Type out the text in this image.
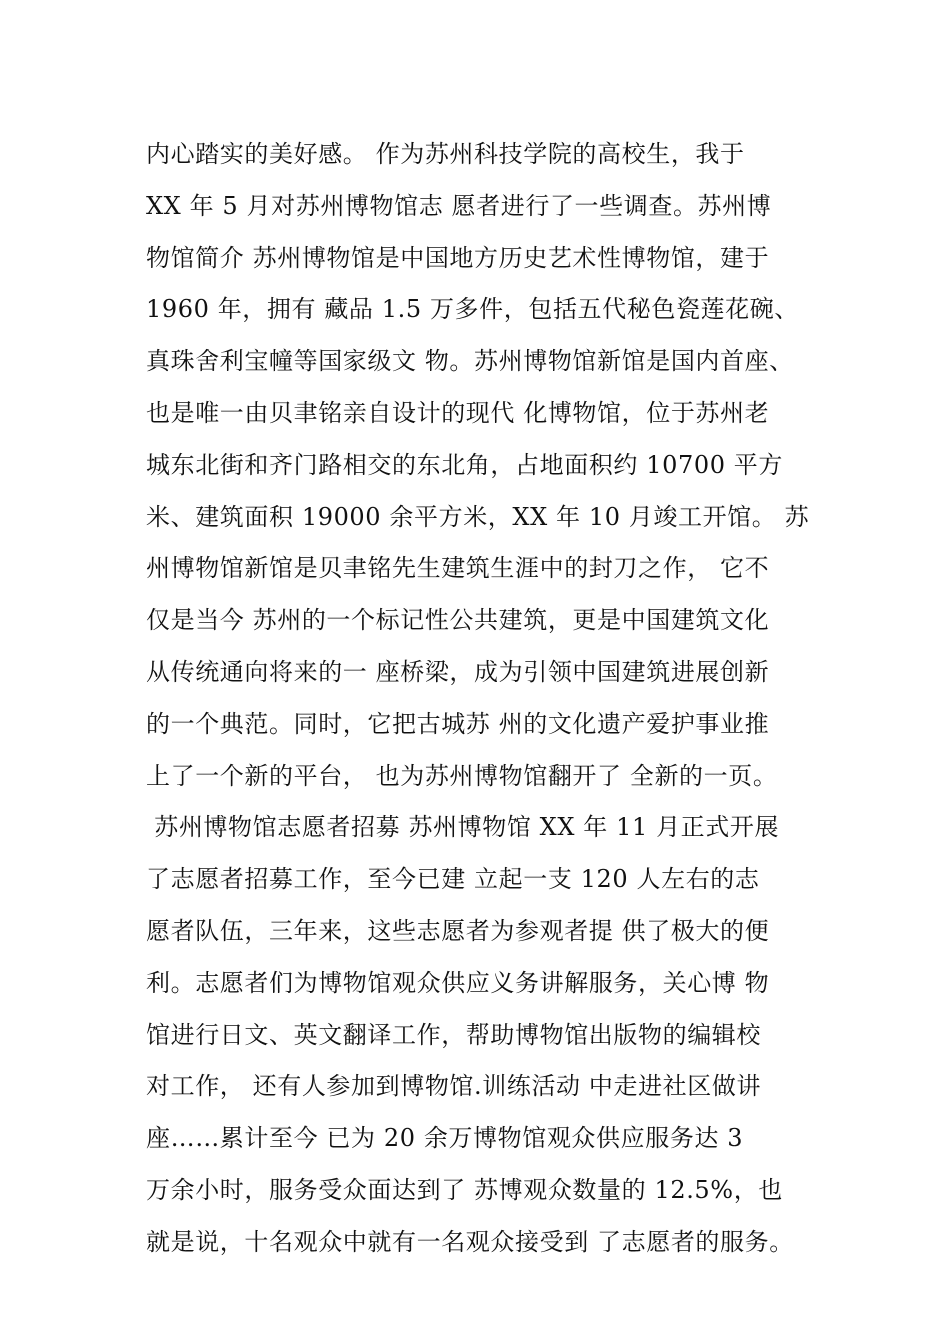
内心踏实的美好感。 作为苏州科技学院的高校生，我于
XX 年 5 月对苏州博物馆志 愿者进行了一些调查。苏州博
物馆简介 苏州博物馆是中国地方历史艺术性博物馆，建于
1960 年，拥有 藏品 1.5 万多件，包括五代秘色瓷莲花碗、
真珠舍利宝幢等国家级文 物。苏州博物馆新馆是国内首座、
也是唯一由贝聿铭亲自设计的现代 化博物馆，位于苏州老
城东北街和齐门路相交的东北角，占地面积约 10700 平方
米、建筑面积 19000 余平方米，XX 年 10 月竣工开馆。 苏
州博物馆新馆是贝聿铭先生建筑生涯中的封刀之作， 它不
仅是当今 苏州的一个标记性公共建筑，更是中国建筑文化
从传统通向将来的一 座桥梁，成为引领中国建筑进展创新
的一个典范。同时，它把古城苏 州的文化遗产爱护事业推
上了一个新的平台， 也为苏州博物馆翻开了 全新的一页。
苏州博物馆志愿者招募 苏州博物馆 XX 年 11 月正式开展
了志愿者招募工作，至今已建 立起一支 120 人左右的志
愿者队伍，三年来，这些志愿者为参观者提 供了极大的便
利。志愿者们为博物馆观众供应义务讲解服务，关心博 物
馆进行日文、英文翻译工作，帮助博物馆出版物的编辑校
对工作， 还有人参加到博物馆.训练活动 中走进社区做讲
座……累计至今 已为 20 余万博物馆观众供应服务达 3
万余小时，服务受众面达到了 苏博观众数量的 12.5%，也
就是说，十名观众中就有一名观众接受到 了志愿者的服务。
